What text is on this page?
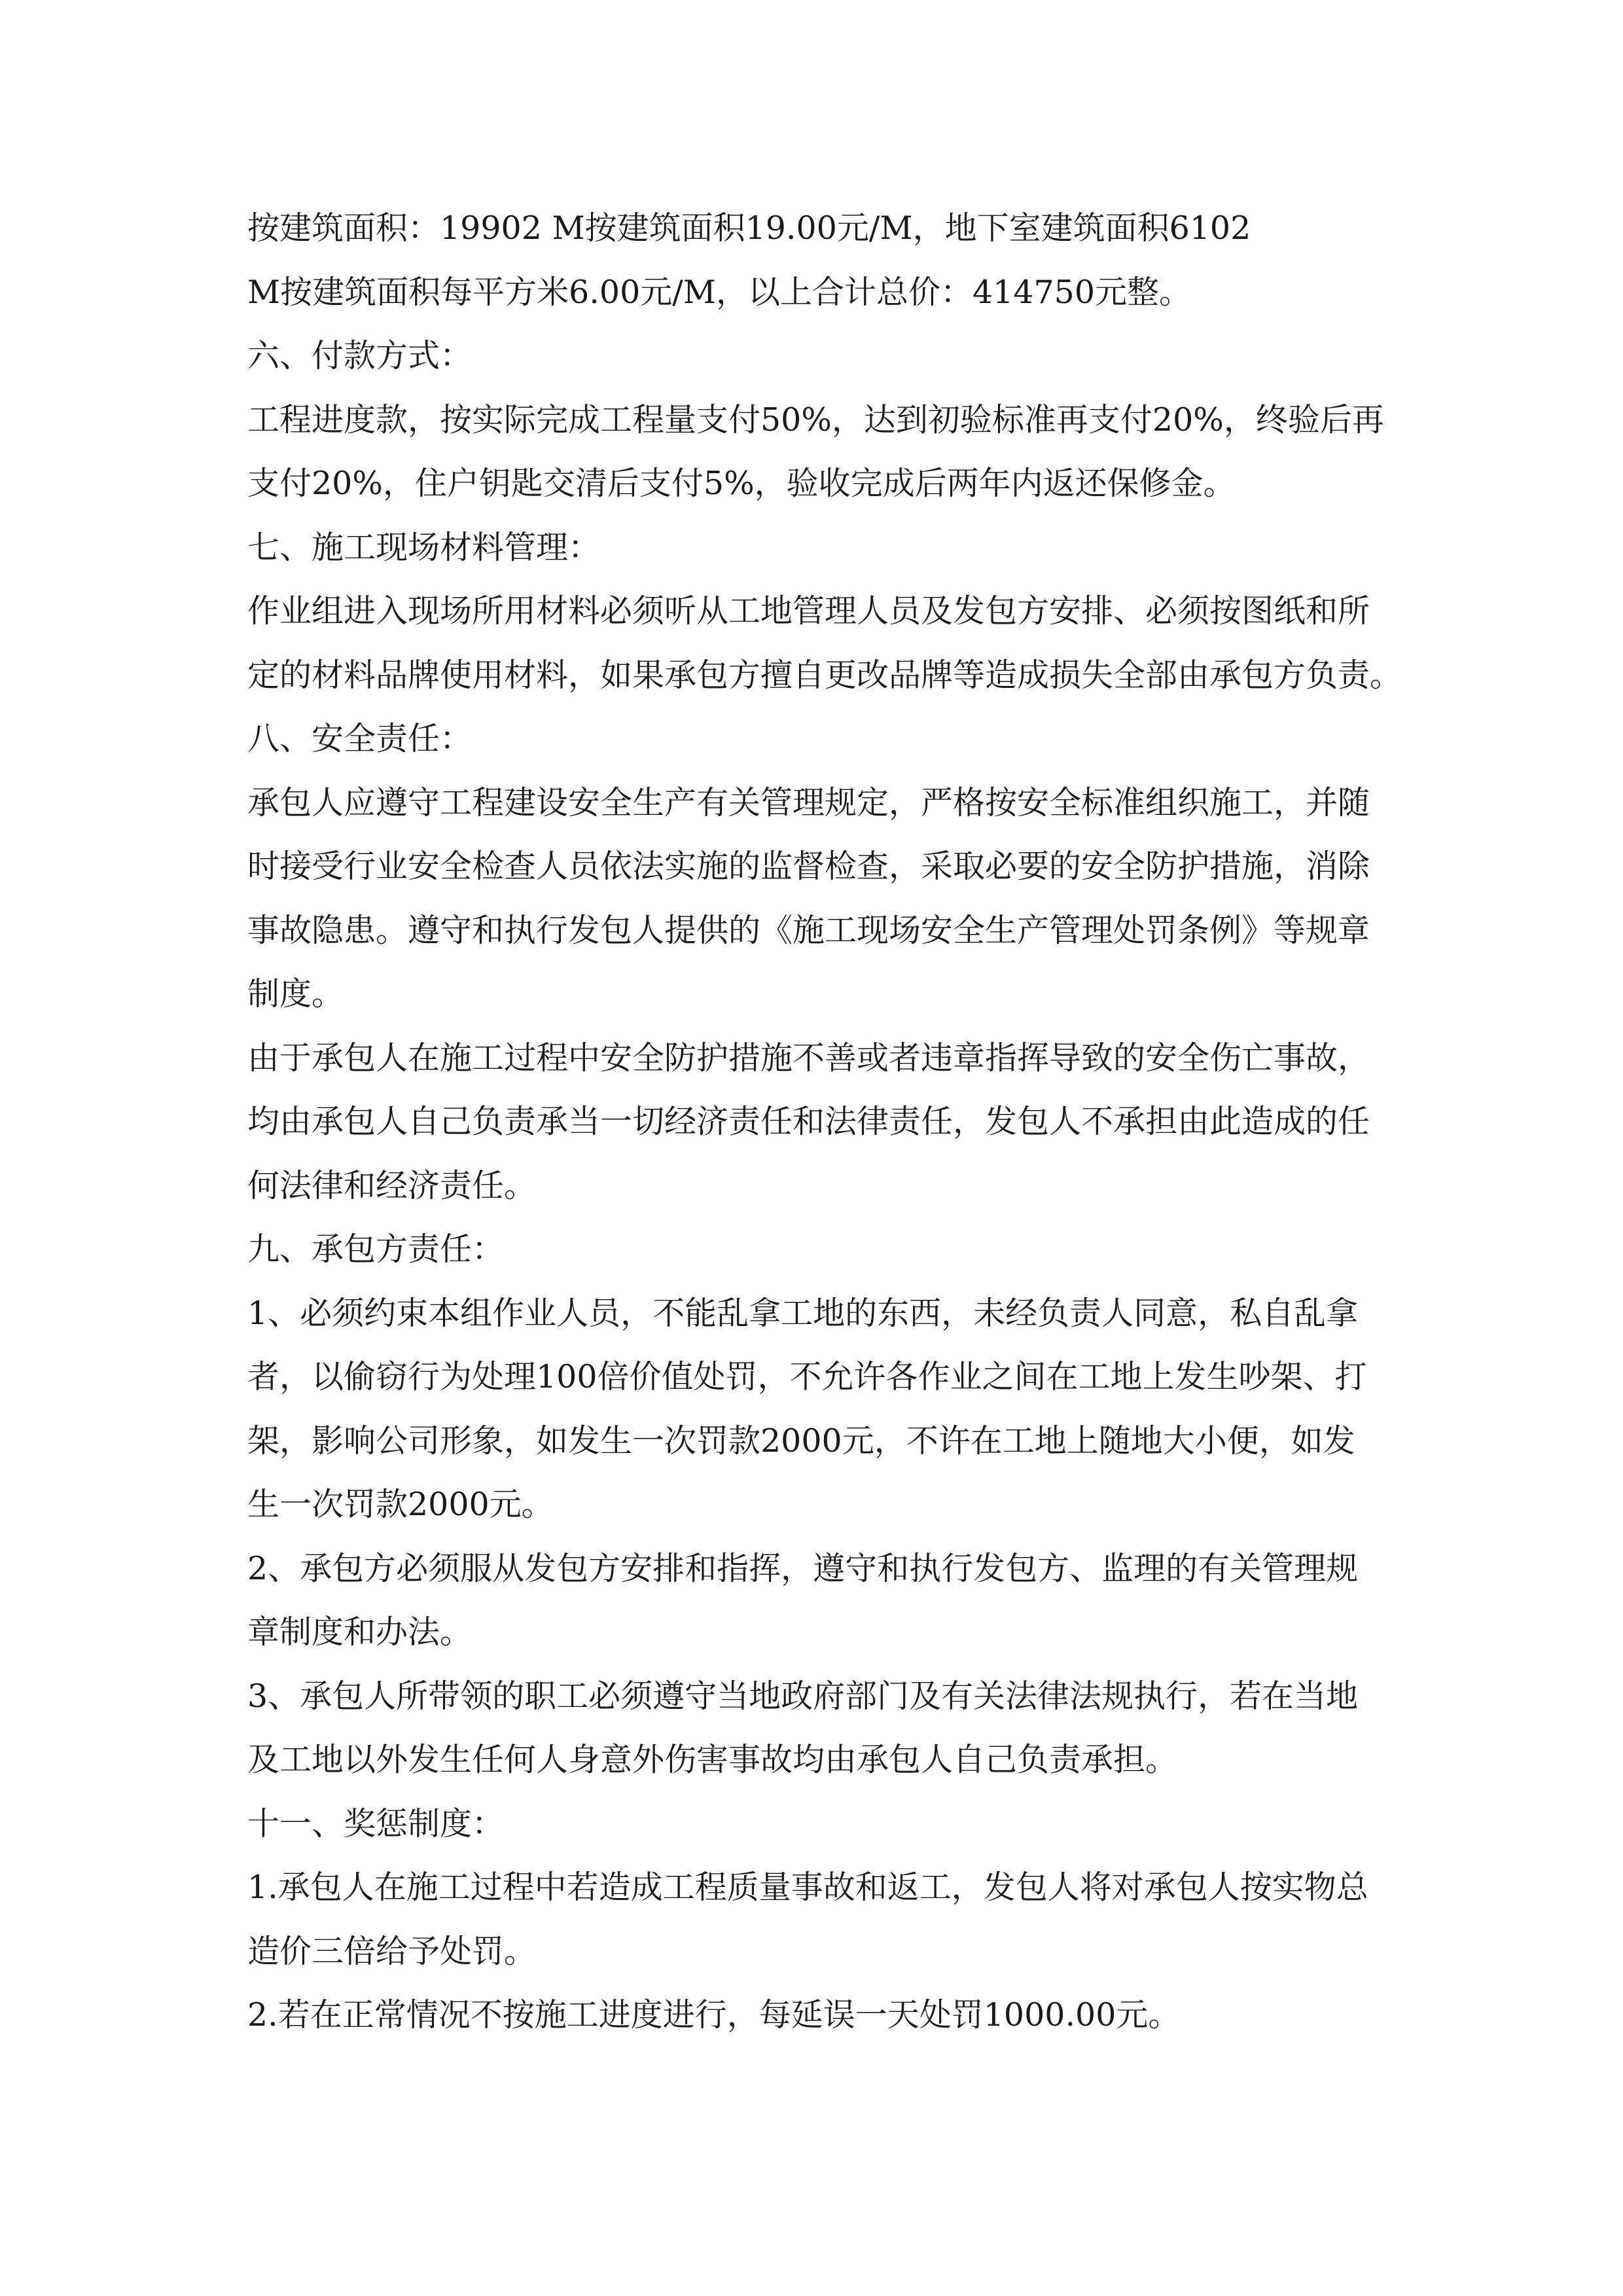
按建筑面积：19902 M按建筑面积19.00元/M，地下室建筑面积6102

M按建筑面积每平方米6.00元/M，以上合计总价：414750元整。

六、付款方式：

工程进度款，按实际完成工程量支付50%，达到初验标准再支付20%，终验后再

支付20%，住户钥匙交清后支付5%，验收完成后两年内返还保修金。

七、施工现场材料管理：

作业组进入现场所用材料必须听从工地管理人员及发包方安排、必须按图纸和所

定的材料品牌使用材料，如果承包方擅自更改品牌等造成损失全部由承包方负责。

八、安全责任：

承包人应遵守工程建设安全生产有关管理规定，严格按安全标准组织施工，并随

时接受行业安全检查人员依法实施的监督检查，采取必要的安全防护措施，消除

事故隐患。遵守和执行发包人提供的《施工现场安全生产管理处罚条例》等规章

制度。

由于承包人在施工过程中安全防护措施不善或者违章指挥导致的安全伤亡事故，

均由承包人自己负责承当一切经济责任和法律责任，发包人不承担由此造成的任

何法律和经济责任。

九、承包方责任：

1、必须约束本组作业人员，不能乱拿工地的东西，未经负责人同意，私自乱拿

者，以偷窃行为处理100倍价值处罚，不允许各作业之间在工地上发生吵架、打

架，影响公司形象，如发生一次罚款2000元，不许在工地上随地大小便，如发

生一次罚款2000元。

2、承包方必须服从发包方安排和指挥，遵守和执行发包方、监理的有关管理规

章制度和办法。

3、承包人所带领的职工必须遵守当地政府部门及有关法律法规执行，若在当地

及工地以外发生任何人身意外伤害事故均由承包人自己负责承担。

十一、奖惩制度：

1.承包人在施工过程中若造成工程质量事故和返工，发包人将对承包人按实物总

造价三倍给予处罚。

2.若在正常情况不按施工进度进行，每延误一天处罚1000.00元。
